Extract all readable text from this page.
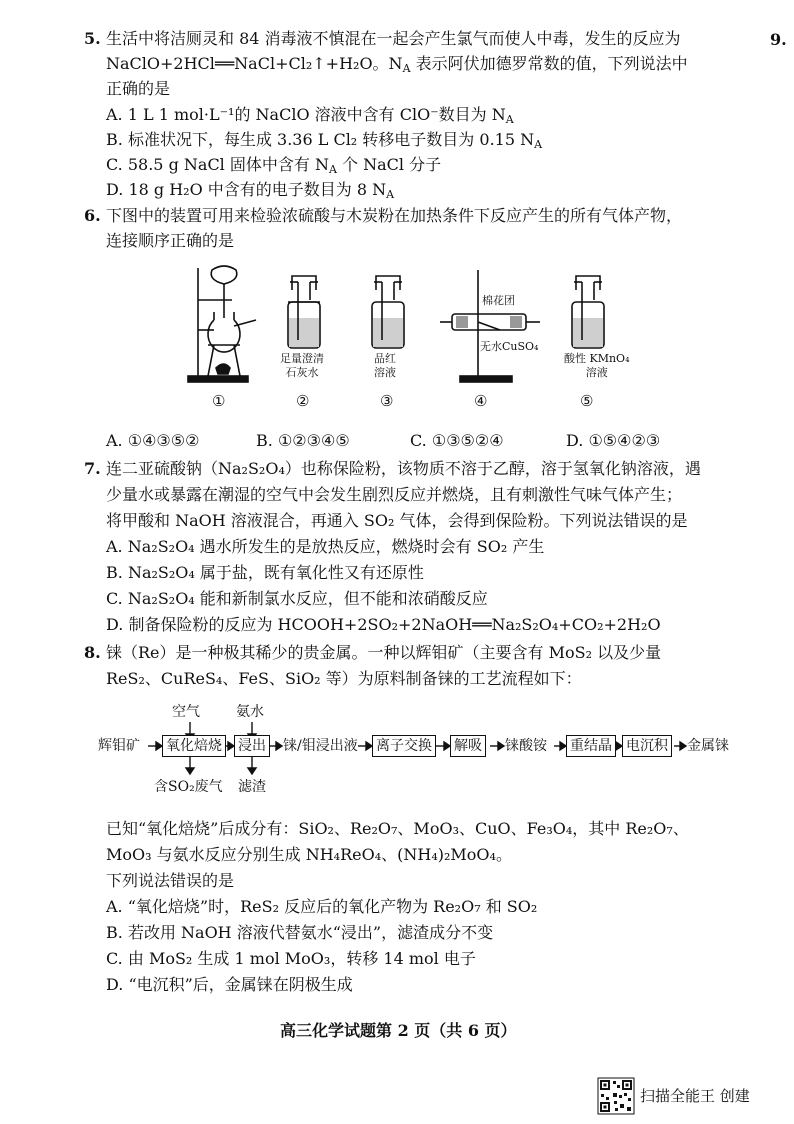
9.
5. 生活中将洁厕灵和 84 消毒液不慎混在一起会产生氯气而使人中毒，发生的反应为
NaClO+2HCl══NaCl+Cl₂↑+H₂O。$N_A$ 表示阿伏加德罗常数的值，下列说法中
正确的是
A. 1 L 1 mol·L⁻¹的 NaClO 溶液中含有 ClO⁻数目为 $N_A$
B. 标准状况下，每生成 3.36 L Cl₂ 转移电子数目为 0.15 $N_A$
C. 58.5 g NaCl 固体中含有 $N_A$ 个 NaCl 分子
D. 18 g H₂O 中含有的电子数目为 8 $N_A$
6. 下图中的装置可用来检验浓硫酸与木炭粉在加热条件下反应产生的所有气体产物，
连接顺序正确的是
足量澄清
石灰水
品红
溶液
棉花团
无水CuSO₄
酸性 KMnO₄
溶液
①	②	③	④	⑤
A. ①④③⑤②	B. ①②③④⑤	C. ①③⑤②④	D. ①⑤④②③
7. 连二亚硫酸钠（Na₂S₂O₄）也称保险粉，该物质不溶于乙醇，溶于氢氧化钠溶液，遇
少量水或暴露在潮湿的空气中会发生剧烈反应并燃烧，且有刺激性气味气体产生；
将甲酸和 NaOH 溶液混合，再通入 SO₂ 气体，会得到保险粉。下列说法错误的是
A. Na₂S₂O₄ 遇水所发生的是放热反应，燃烧时会有 SO₂ 产生
B. Na₂S₂O₄ 属于盐，既有氧化性又有还原性
C. Na₂S₂O₄ 能和新制氯水反应，但不能和浓硝酸反应
D. 制备保险粉的反应为 HCOOH+2SO₂+2NaOH══Na₂S₂O₄+CO₂+2H₂O
8. 铼（Re）是一种极其稀少的贵金属。一种以辉钼矿（主要含有 MoS₂ 以及少量
ReS₂、CuReS₄、FeS、SiO₂ 等）为原料制备铼的工艺流程如下：
辉钼矿 氧化焙烧
空气
含SO₂废气
浸出
氨水
滤渣
铼/钼浸出液 离子交换 解吸 铼酸铵 重结晶 电沉积 金属铼
已知“氧化焙烧”后成分有：SiO₂、Re₂O₇、MoO₃、CuO、Fe₃O₄，其中 Re₂O₇、
MoO₃ 与氨水反应分别生成 NH₄ReO₄、(NH₄)₂MoO₄。
下列说法错误的是
A. “氧化焙烧”时，ReS₂ 反应后的氧化产物为 Re₂O₇ 和 SO₂
B. 若改用 NaOH 溶液代替氨水“浸出”，滤渣成分不变
C. 由 MoS₂ 生成 1 mol MoO₃，转移 14 mol 电子
D. “电沉积”后，金属铼在阴极生成
高三化学试题第 2 页（共 6 页）
扫描全能王 创建
